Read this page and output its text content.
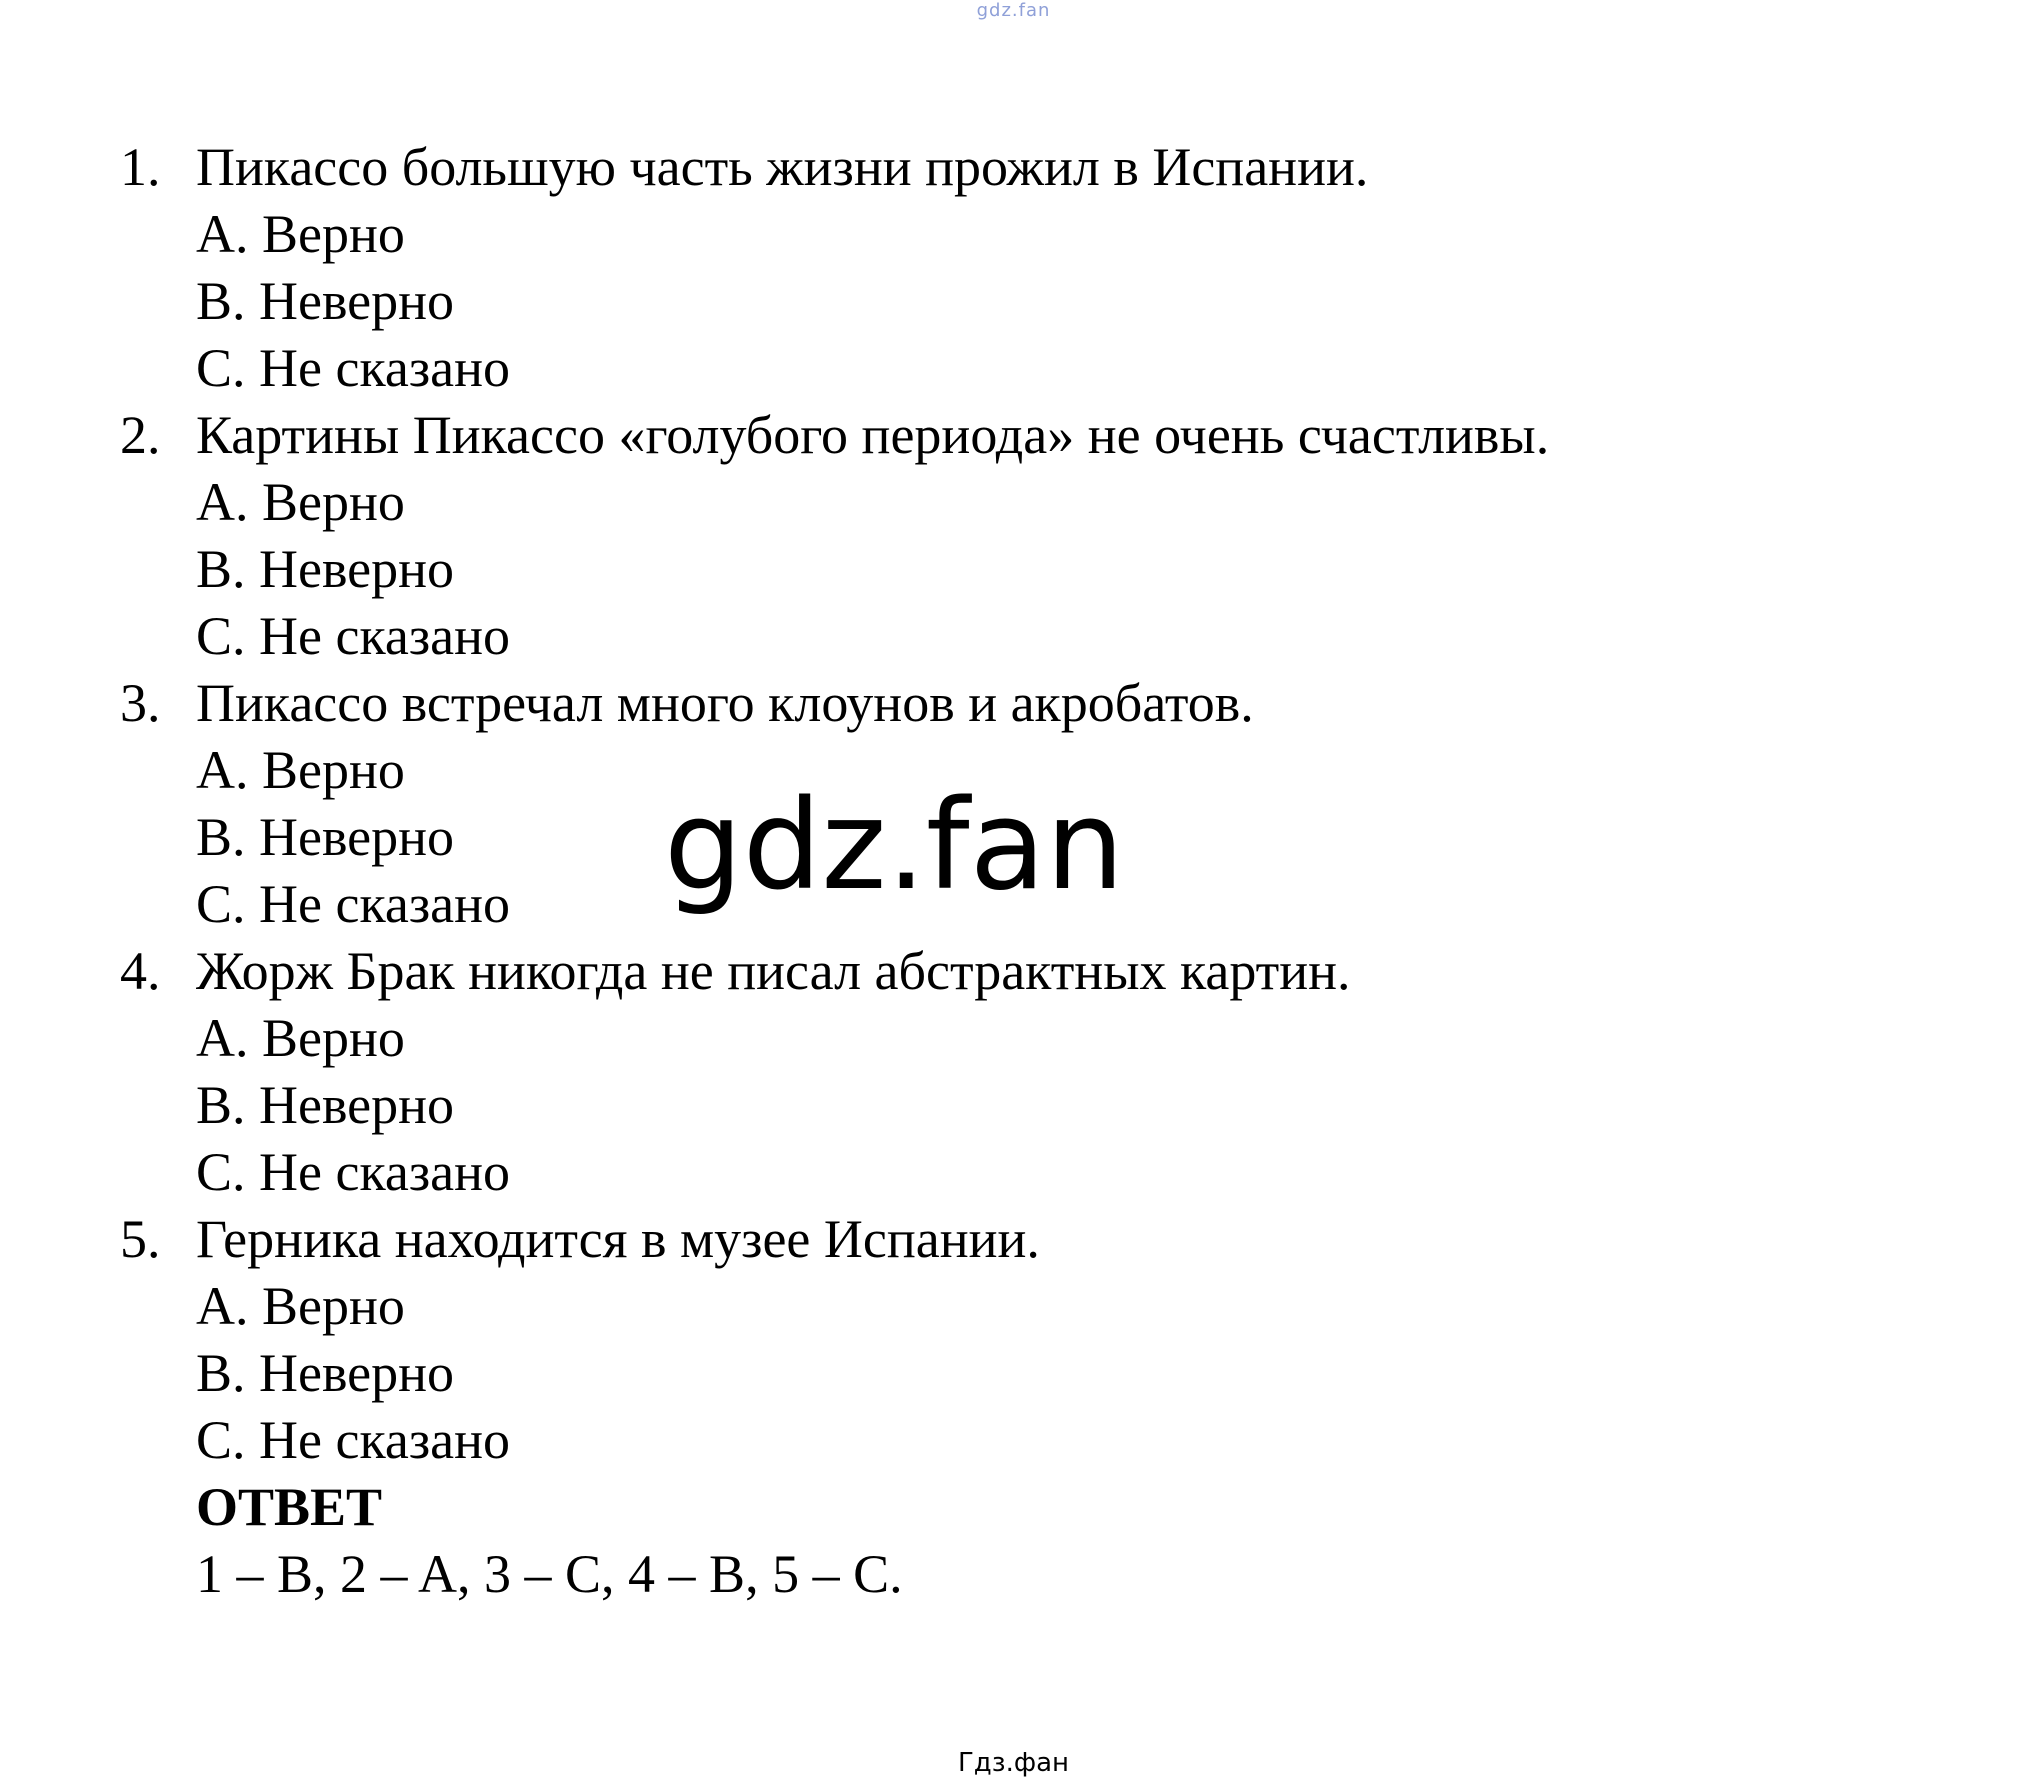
gdz.fan
1. Пикассо большую часть жизни прожил в Испании.
A. Верно
B. Неверно
C. Не сказано
2. Картины Пикассо «голубого периода» не очень счастливы.
A. Верно
B. Неверно
C. Не сказано
3. Пикассо встречал много клоунов и акробатов.
A. Верно
B. Неверно
C. Не сказано
4. Жорж Брак никогда не писал абстрактных картин.
A. Верно
B. Неверно
C. Не сказано
5. Герника находится в музее Испании.
A. Верно
B. Неверно
C. Не сказано
ОТВЕТ
1 – B, 2 – A, 3 – C, 4 – B, 5 – C.
gdz.fan
Гдз.фан
